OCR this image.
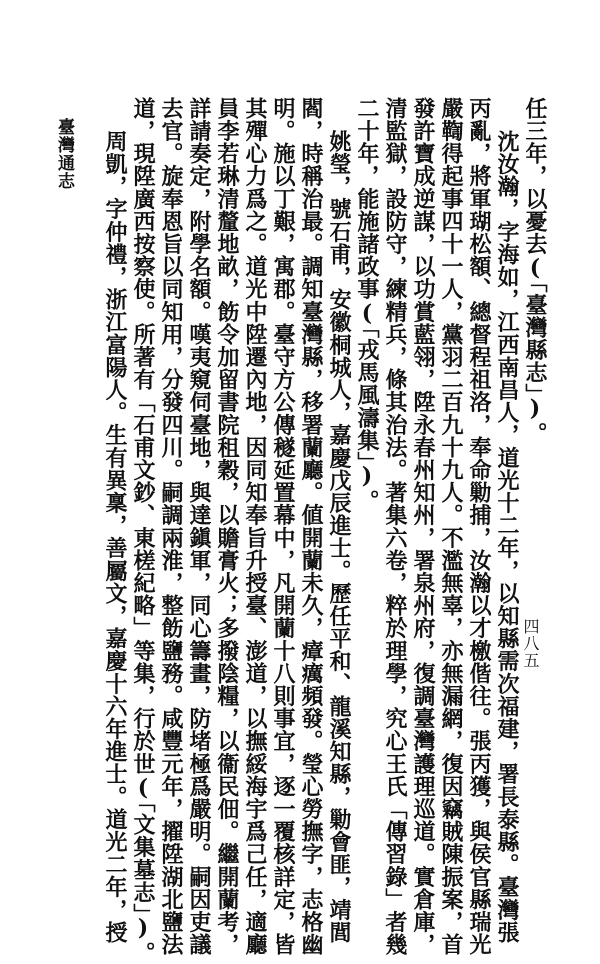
任三年，以憂去(「臺灣縣志」)。
沈汝瀚，字海如，江西南昌人，道光十二年，以知縣需次福建，署長泰縣。臺灣張
丙亂，將軍瑚松額、總督程祖洛，奉命勦捕，汝瀚以才檄偕往。張丙獲，與侯官縣瑞光
嚴鞫得起事四十一人，黨羽二百九十九人。不濫無辜，亦無漏網，復因竊賊陳振案，首
發許寶成逆謀，以功賞藍翎，陞永春州知州，署泉州府，復調臺灣護理巡道。實倉庫，
清監獄，設防守，練精兵，條其治法。著集六卷，粹於理學，究心王氏「傳習錄」者幾
二十年，能施諸政事(「戎馬風濤集」)。
姚瑩，號石甫，安徽桐城人，嘉慶戊辰進士。歷任平和、龍溪知縣，勦會匪，靖閭
閻，時稱治最。調知臺灣縣，移署蘭廳。値開蘭未久，瘴癘頻發。瑩心勞撫字，志格幽
明。施以丁艱，寓郡。臺守方公傳穟延置幕中，凡開蘭十八則事宜，逐一覆核詳定，皆
其殫心力爲之。道光中陞遷內地，因同知奉旨升授臺、澎道，以撫綏海宇爲己任，適廳
員李若琳清釐地畝，飭令加留書院租穀，以贍膏火；多撥陰糧，以衞民佃。繼開蘭考，
詳請奏定，附學名額。嘆夷窺伺臺地，與達鎭軍，同心籌畫，防堵極爲嚴明。嗣因吏議
去官。旋奉恩旨以同知用，分發四川。嗣調兩淮，整飭鹽務。咸豐元年，擢陞湖北鹽法
道，現陞廣西按察使。所著有「石甫文鈔、東槎紀略」等集，行於世(「文集墓志」)。
周凱，字仲禮，浙江富陽人。生有異稟，善屬文，嘉慶十六年進士。道光二年，授
臺灣通志
四八五
